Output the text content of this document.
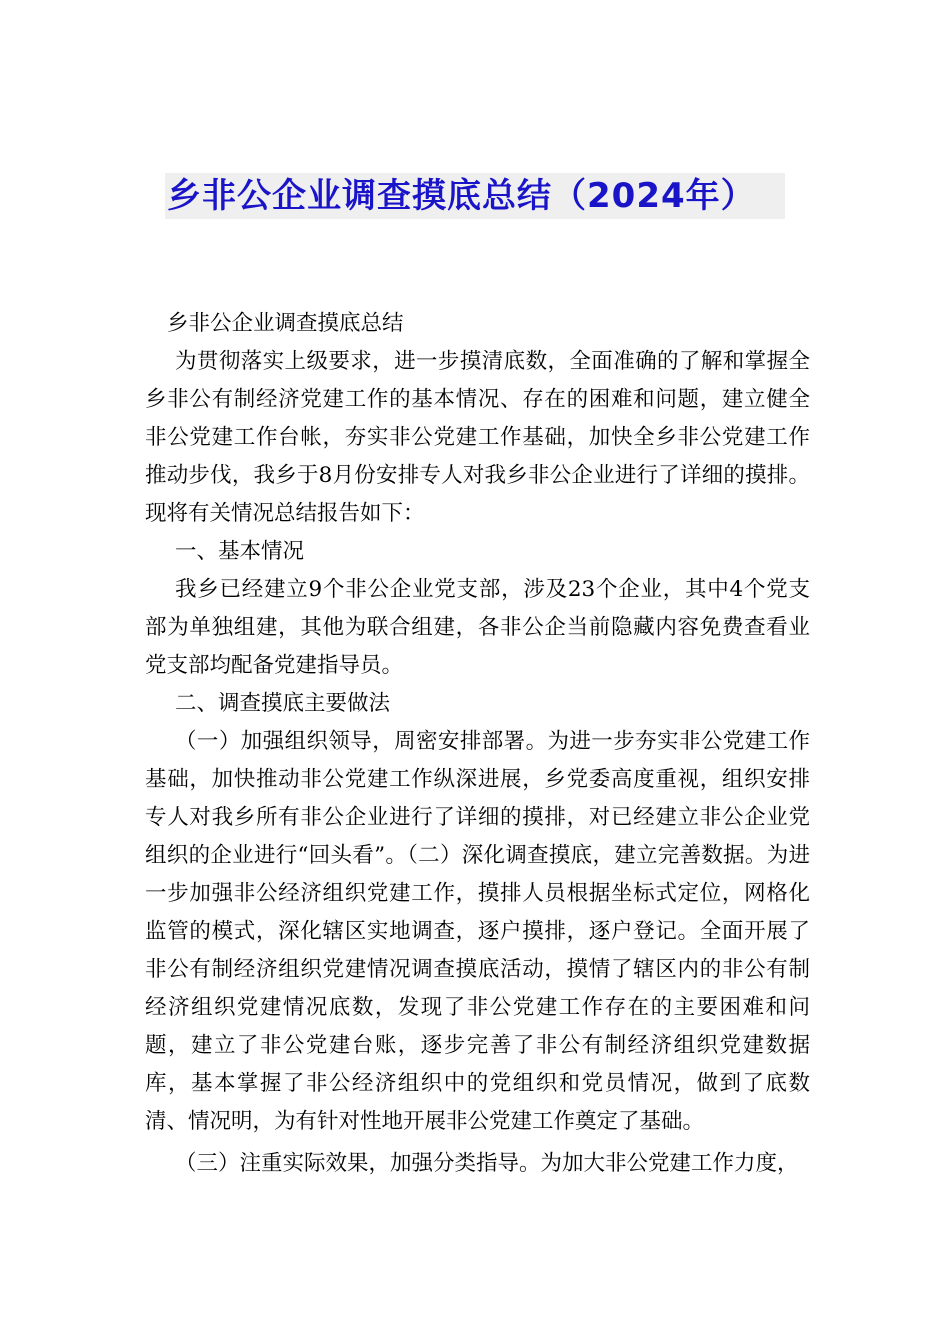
乡非公企业调查摸底总结（2024年）

乡非公企业调查摸底总结

为贯彻落实上级要求，进一步摸清底数，全面准确的了解和掌握全乡非公有制经济党建工作的基本情况、存在的困难和问题，建立健全非公党建工作台帐，夯实非公党建工作基础，加快全乡非公党建工作推动步伐，我乡于8月份安排专人对我乡非公企业进行了详细的摸排。现将有关情况总结报告如下：

一、基本情况

我乡已经建立9个非公企业党支部，涉及23个企业，其中4个党支部为单独组建，其他为联合组建，各非公企当前隐藏内容免费查看业党支部均配备党建指导员。

二、调查摸底主要做法

（一）加强组织领导，周密安排部署。为进一步夯实非公党建工作基础，加快推动非公党建工作纵深进展，乡党委高度重视，组织安排专人对我乡所有非公企业进行了详细的摸排，对已经建立非公企业党组织的企业进行“回头看”。（二）深化调查摸底，建立完善数据。为进一步加强非公经济组织党建工作，摸排人员根据坐标式定位，网格化监管的模式，深化辖区实地调查，逐户摸排，逐户登记。全面开展了非公有制经济组织党建情况调查摸底活动，摸情了辖区内的非公有制经济组织党建情况底数，发现了非公党建工作存在的主要困难和问题，建立了非公党建台账，逐步完善了非公有制经济组织党建数据库，基本掌握了非公经济组织中的党组织和党员情况，做到了底数清、情况明，为有针对性地开展非公党建工作奠定了基础。

（三）注重实际效果，加强分类指导。为加大非公党建工作力度，
